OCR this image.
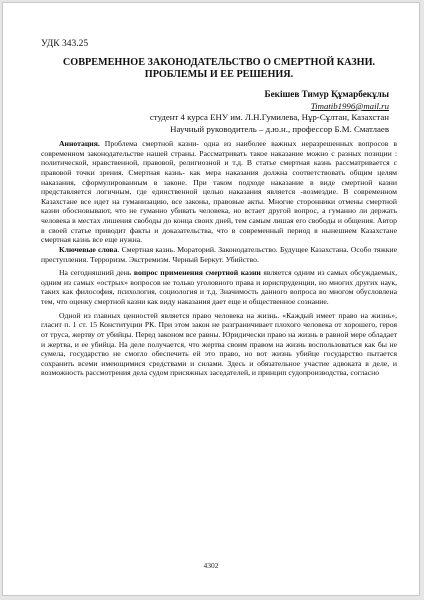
УДК 343.25
СОВРЕМЕННОЕ ЗАКОНОДАТЕЛЬСТВО О СМЕРТНОЙ КАЗНИ.
ПРОБЛЕМЫ И ЕЕ РЕШЕНИЯ.
Бекішев Тимур Құмарбекұлы
Timatib1996@mail.ru
студент 4 курса ЕНУ им. Л.Н.Гумилева, Нұр-Сұлтан, Казахстан
Научный руководитель – д.ю.н., профессор Б.М. Сматлаев

Аннотация. Проблема смертной казни- одна из наиболее важных неразрешенных вопросов в современном законодательстве нашей страны. Рассматривать такое наказание можно с разных позиции : политической, нравственной, правовой, религиозной и т.д. В статье смертная казнь рассматривается с правовой точки зрения. Смертная казнь- как мера наказания должна соответствовать общим целям наказания, сформулированным в законе. При таком подходе наказание в виде смертной казни представляется логичным, где единственной целью наказания является -возмездие. В современном Казахстане все идет на гуманизацию, все законы, правовые акты. Многие сторонники отмены смертной казни обосновывают, что не гуманно убивать человека, но встает другой вопрос, а гуманно ли держать человека в местах лишения свободы до конца своих дней, тем самым лишая его свободы и общения. Автор в своей статье приводит факты и доказательства, что в современный период в нынешнем Казахстане смертная казнь все еще нужна.

Ключевые слова. Смертная казнь. Мораторий. Законодательство. Будущее Казахстана. Особо тяжкие преступления. Терроризм. Экстремизм. Черный Беркут. Убийство.

На сегодняшний день вопрос применения смертной казни является одним из самых обсуждаемых, одним из самых «острых» вопросов не только уголовного права и юриспруденции, но многих других наук, таких как философия, психология, социология и т.д. Значимость данного вопроса во многом обусловлена тем, что оценку смертной казни как виду наказания дает еще и общественное сознание.

Одной из главных ценностей является право человека на жизнь. «Каждый имеет право на жизнь», гласит п. 1 ст. 15 Конституции РК. При этом закон не разграничивает плохого человека от хорошего, героя от труса, жертву от убийцы. Перед законом все равны. Юридически право на жизнь в равной мере обладает и жертва, и ее убийца. На деле получается, что жертва своим правом на жизнь воспользоваться как бы не сумела, государство не смогло обеспечить ей это право, но вот жизнь убийце государство пытается сохранить всеми имеющимися средствами и силами. Здесь и обязательное участие адвоката в деле, и возможность рассмотрения дела судом присяжных заседателей, и принцип судопроизводства, согласно

4302
